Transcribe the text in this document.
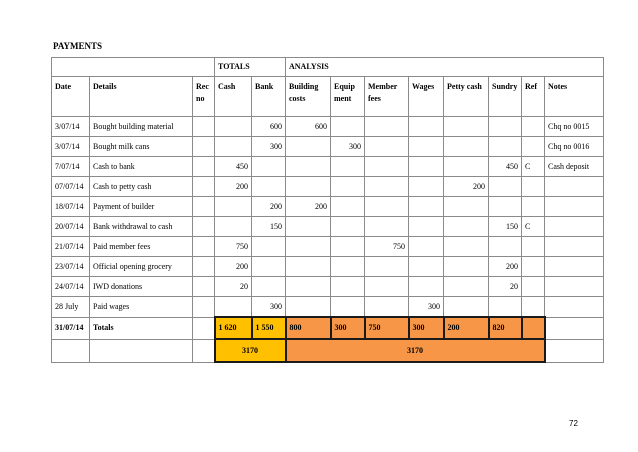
PAYMENTS
			TOTALS		ANALYSIS							
Date	Details	Rec no	Cash	Bank	Building costs	Equip ment	Member fees	Wages	Petty cash	Sundry	Ref	Notes
3/07/14	Bought building material			600	600							Chq no 0015
3/07/14	Bought milk cans			300		300						Chq no 0016
7/07/14	Cash to bank		450							450	C	Cash deposit
07/07/14	Cash to petty cash		200						200			
18/07/14	Payment of builder			200	200							
20/07/14	Bank withdrawal to cash			150						150	C	
21/07/14	Paid member fees		750				750					
23/07/14	Official opening grocery		200							200		
24/07/14	IWD donations		20							20		
28 July	Paid wages			300				300				
31/07/14	Totals		1 620	1 550	800	300	750	300	200	820		
			3170		3170							
72
